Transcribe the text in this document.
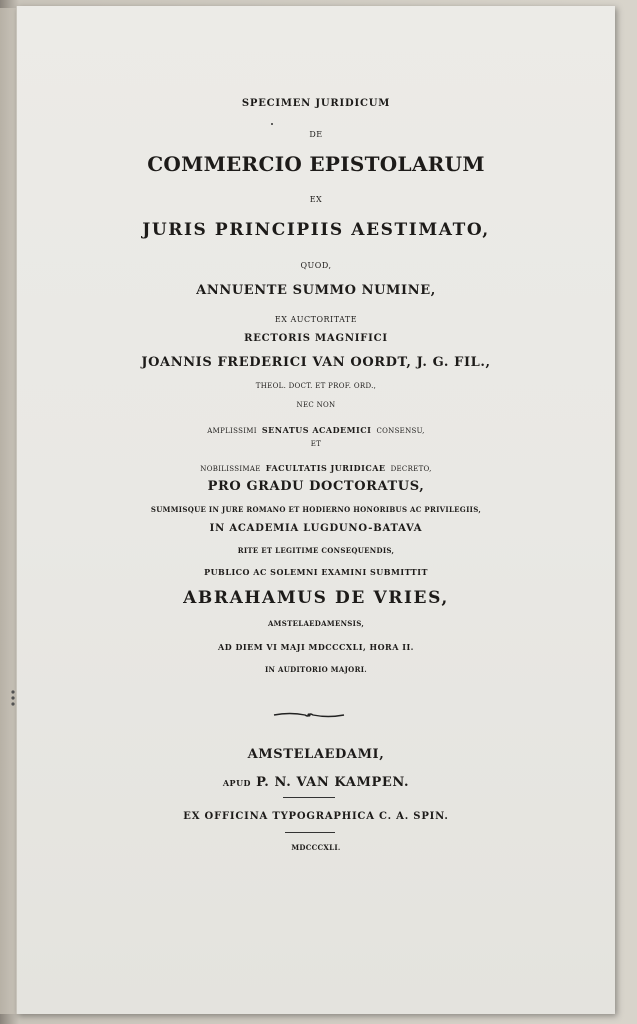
SPECIMEN JURIDICUM
DE
COMMERCIO EPISTOLARUM
EX
JURIS PRINCIPIIS AESTIMATO,
QUOD,
ANNUENTE SUMMO NUMINE,
EX AUCTORITATE
RECTORIS MAGNIFICI
JOANNIS FREDERICI VAN OORDT, J. G. FIL.,
THEOL. DOCT. ET PROF. ORD.,
NEC NON
AMPLISSIMI SENATUS ACADEMICI CONSENSU,
ET
NOBILISSIMAE FACULTATIS JURIDICAE DECRETO,
PRO GRADU DOCTORATUS,
SUMMISQUE IN JURE ROMANO ET HODIERNO HONORIBUS AC PRIVILEGIIS,
IN ACADEMIA LUGDUNO-BATAVA
RITE ET LEGITIME CONSEQUENDIS,
PUBLICO AC SOLEMNI EXAMINI SUBMITTIT
ABRAHAMUS DE VRIES,
AMSTELAEDAMENSIS,
AD DIEM VI MAJI MDCCCXLI, HORA II.
IN AUDITORIO MAJORI.
AMSTELAEDAMI,
APUD P. N. VAN KAMPEN.
EX OFFICINA TYPOGRAPHICA C. A. SPIN.
MDCCCXLI.
